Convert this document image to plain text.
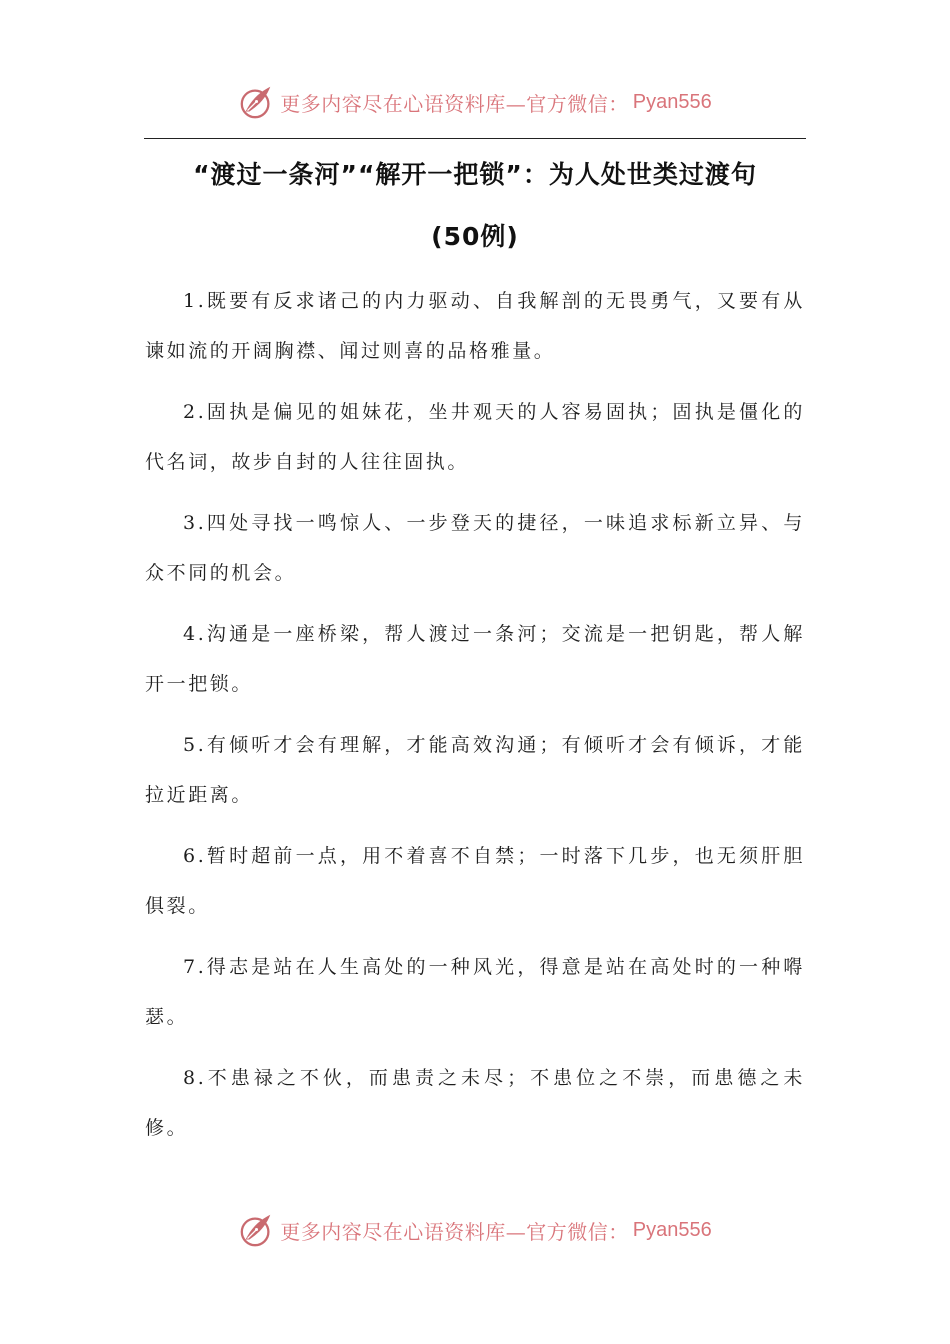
更多内容尽在心语资料库—官方微信： Pyan556
“渡过一条河”“解开一把锁”：为人处世类过渡句
(50例)

1.既要有反求诸己的内力驱动、自我解剖的无畏勇气，又要有从谏如流的开阔胸襟、闻过则喜的品格雅量。

2.固执是偏见的姐妹花，坐井观天的人容易固执；固执是僵化的代名词，故步自封的人往往固执。

3.四处寻找一鸣惊人、一步登天的捷径，一味追求标新立异、与众不同的机会。

4.沟通是一座桥梁，帮人渡过一条河；交流是一把钥匙，帮人解开一把锁。

5.有倾听才会有理解，才能高效沟通；有倾听才会有倾诉，才能拉近距离。

6.暂时超前一点，用不着喜不自禁；一时落下几步，也无须肝胆俱裂。

7.得志是站在人生高处的一种风光，得意是站在高处时的一种嘚瑟。

8.不患禄之不伙，而患责之未尽；不患位之不崇，而患德之未修。

更多内容尽在心语资料库—官方微信： Pyan556
